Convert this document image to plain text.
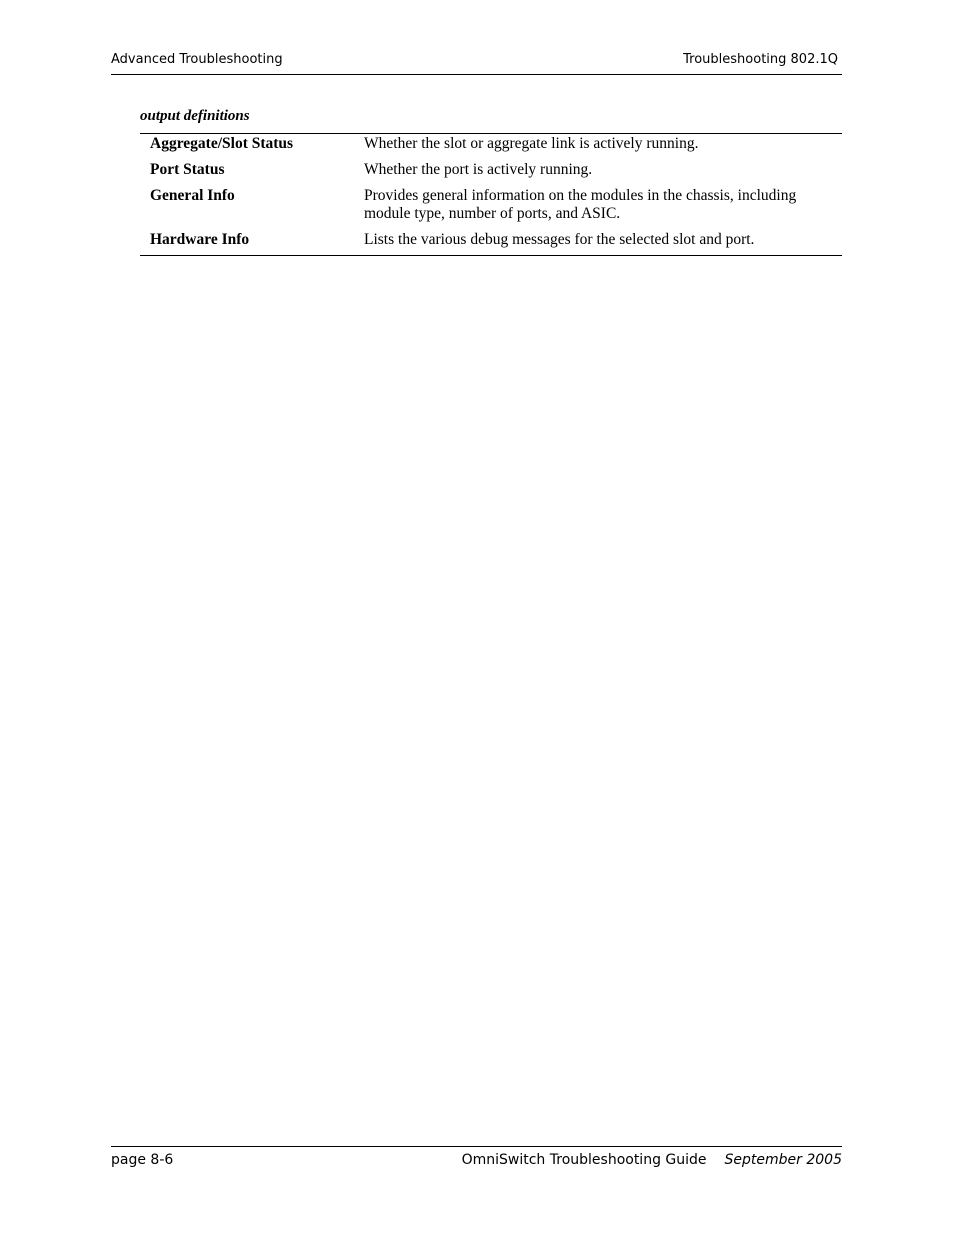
Advanced Troubleshooting	Troubleshooting 802.1Q
output definitions
Aggregate/Slot Status	Whether the slot or aggregate link is actively running.
Port Status	Whether the port is actively running.
General Info	Provides general information on the modules in the chassis, including module type, number of ports, and ASIC.
Hardware Info	Lists the various debug messages for the selected slot and port.
page 8-6	OmniSwitch Troubleshooting Guide September 2005
